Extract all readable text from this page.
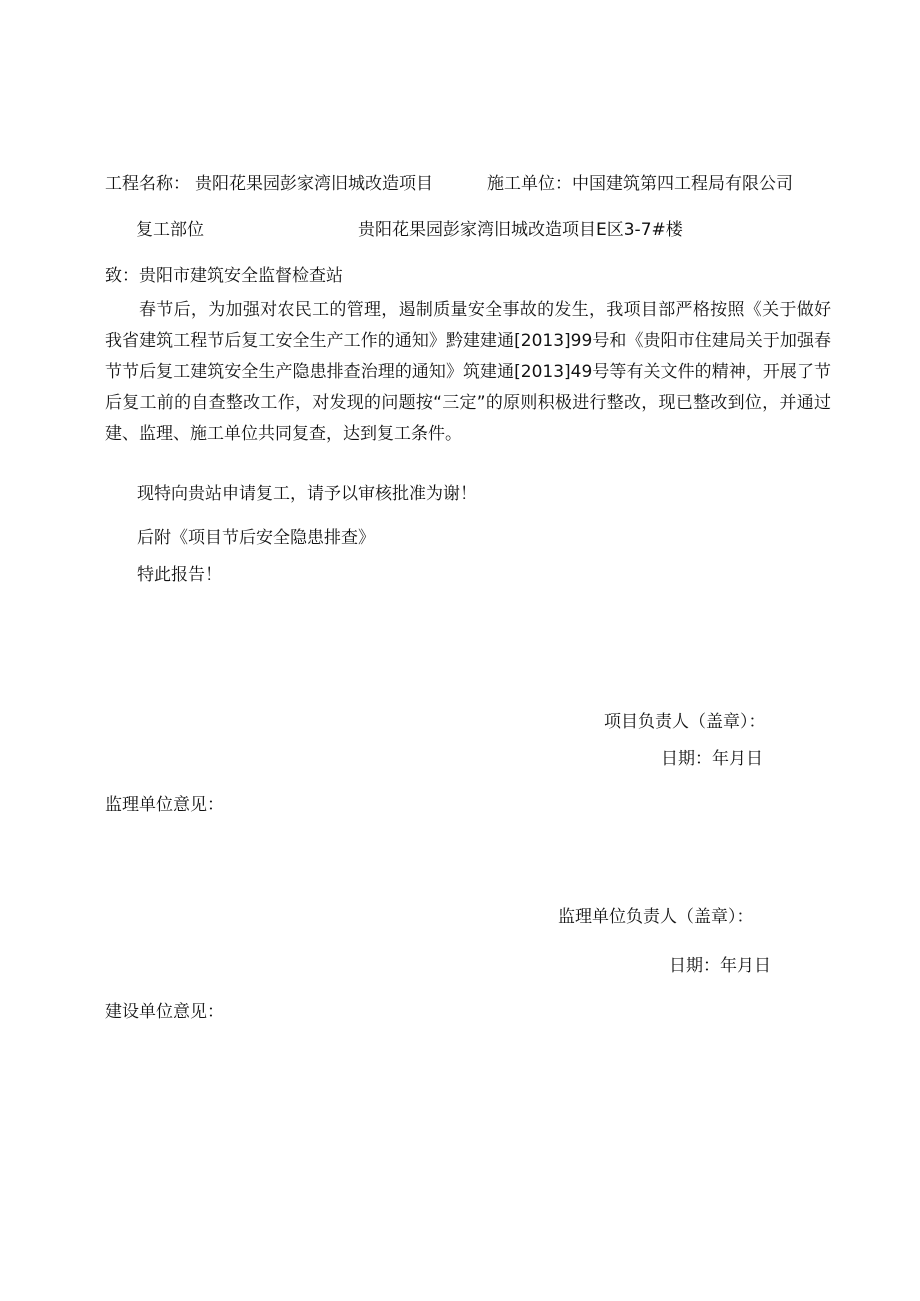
工程名称： 贵阳花果园彭家湾旧城改造项目	施工单位： 中国建筑第四工程局有限公司
复工部位	贵阳花果园彭家湾旧城改造项目E区3-7#楼
致：贵阳市建筑安全监督检查站
春节后，为加强对农民工的管理，遏制质量安全事故的发生，我项目部严格按照《关于做好我省建筑工程节后复工安全生产工作的通知》黔建建通[2013]99号和《贵阳市住建局关于加强春节节后复工建筑安全生产隐患排查治理的通知》筑建通[2013]49号等有关文件的精神，开展了节后复工前的自查整改工作，对发现的问题按“三定”的原则积极进行整改，现已整改到位，并通过建、监理、施工单位共同复查，达到复工条件。
现特向贵站申请复工，请予以审核批准为谢！
后附《项目节后安全隐患排查》
特此报告！
项目负责人（盖章）：
日期：年月日
监理单位意见：
监理单位负责人（盖章）：
日期：年月日
建设单位意见：
